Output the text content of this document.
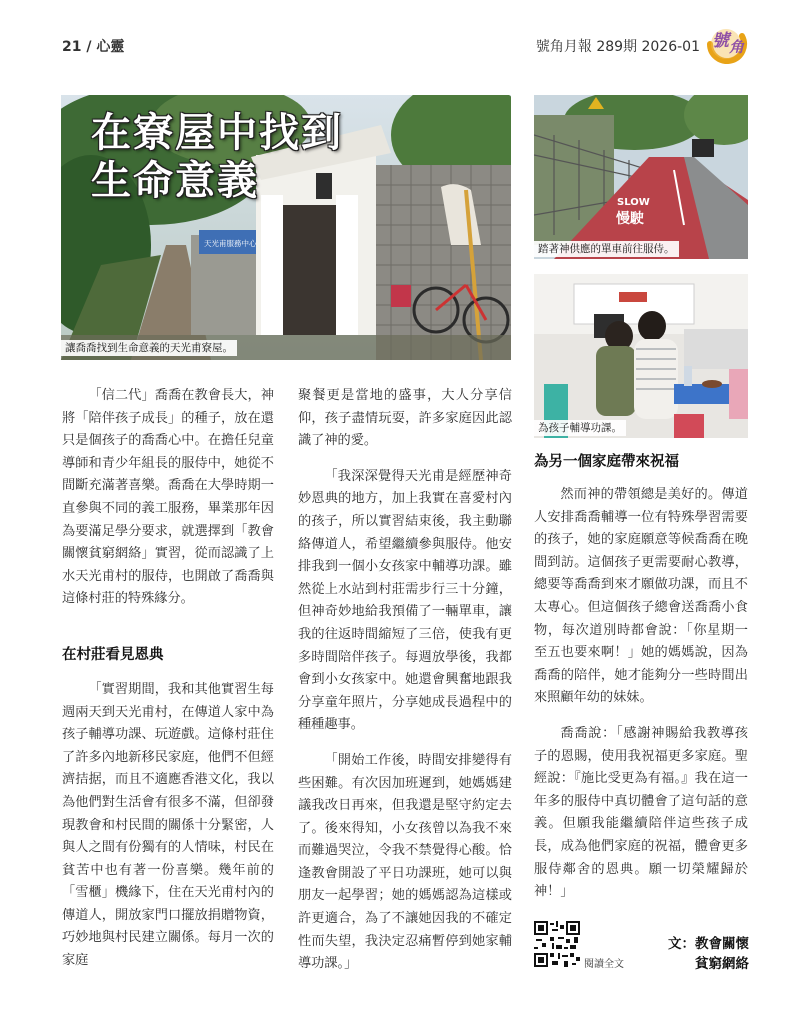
21 / 心靈	號角月報 289期 2026-01 號 角
天光甫服務中心
在寮屋中找到
生命意義
讓喬喬找到生命意義的天光甫寮屋。
SLOW
慢駛
踏著神供應的單車前往服侍。
為孩子輔導功課。

「信二代」喬喬在教會長大，神將「陪伴孩子成長」的種子，放在還只是個孩子的喬喬心中。在擔任兒童導師和青少年組長的服侍中，她從不間斷充滿著喜樂。喬喬在大學時期一直參與不同的義工服務，畢業那年因為要滿足學分要求，就選擇到「教會關懷貧窮網絡」實習，從而認識了上水天光甫村的服侍，也開啟了喬喬與這條村莊的特殊緣分。

在村莊看見恩典

「實習期間，我和其他實習生每週兩天到天光甫村，在傳道人家中為孩子輔導功課、玩遊戲。這條村莊住了許多內地新移民家庭，他們不但經濟拮据，而且不適應香港文化，我以為他們對生活會有很多不滿，但卻發現教會和村民間的關係十分緊密，人與人之間有份獨有的人情味，村民在貧苦中也有著一份喜樂。幾年前的「雪櫃」機緣下，住在天光甫村內的傳道人，開放家門口擺放捐贈物資，巧妙地與村民建立關係。每月一次的家庭

聚餐更是當地的盛事，大人分享信仰，孩子盡情玩耍，許多家庭因此認識了神的愛。

「我深深覺得天光甫是經歷神奇妙恩典的地方，加上我實在喜愛村內的孩子，所以實習結束後，我主動聯絡傳道人，希望繼續參與服侍。他安排我到一個小女孩家中輔導功課。雖然從上水站到村莊需步行三十分鐘，但神奇妙地給我預備了一輛單車，讓我的往返時間縮短了三倍，使我有更多時間陪伴孩子。每週放學後，我都會到小女孩家中。她還會興奮地跟我分享童年照片，分享她成長過程中的種種趣事。

「開始工作後，時間安排變得有些困難。有次因加班遲到，她媽媽建議我改日再來，但我還是堅守約定去了。後來得知，小女孩曾以為我不來而難過哭泣，令我不禁覺得心酸。恰逢教會開設了平日功課班，她可以與朋友一起學習；她的媽媽認為這樣或許更適合，為了不讓她因我的不確定性而失望，我決定忍痛暫停到她家輔導功課。」

為另一個家庭帶來祝福

然而神的帶領總是美好的。傳道人安排喬喬輔導一位有特殊學習需要的孩子，她的家庭願意等候喬喬在晚間到訪。這個孩子更需要耐心教導，總要等喬喬到來才願做功課，而且不太專心。但這個孩子總會送喬喬小食物，每次道別時都會說：「你星期一至五也要來啊！」她的媽媽說，因為喬喬的陪伴，她才能夠分一些時間出來照顧年幼的妹妹。

喬喬說：「感謝神賜給我教導孩子的恩賜，使用我祝福更多家庭。聖經說：『施比受更為有福。』我在這一年多的服侍中真切體會了這句話的意義。但願我能繼續陪伴這些孩子成長，成為他們家庭的祝福，體會更多服侍鄰舍的恩典。願一切榮耀歸於神！」

閱讀全文
文：教會關懷
貧窮網絡
